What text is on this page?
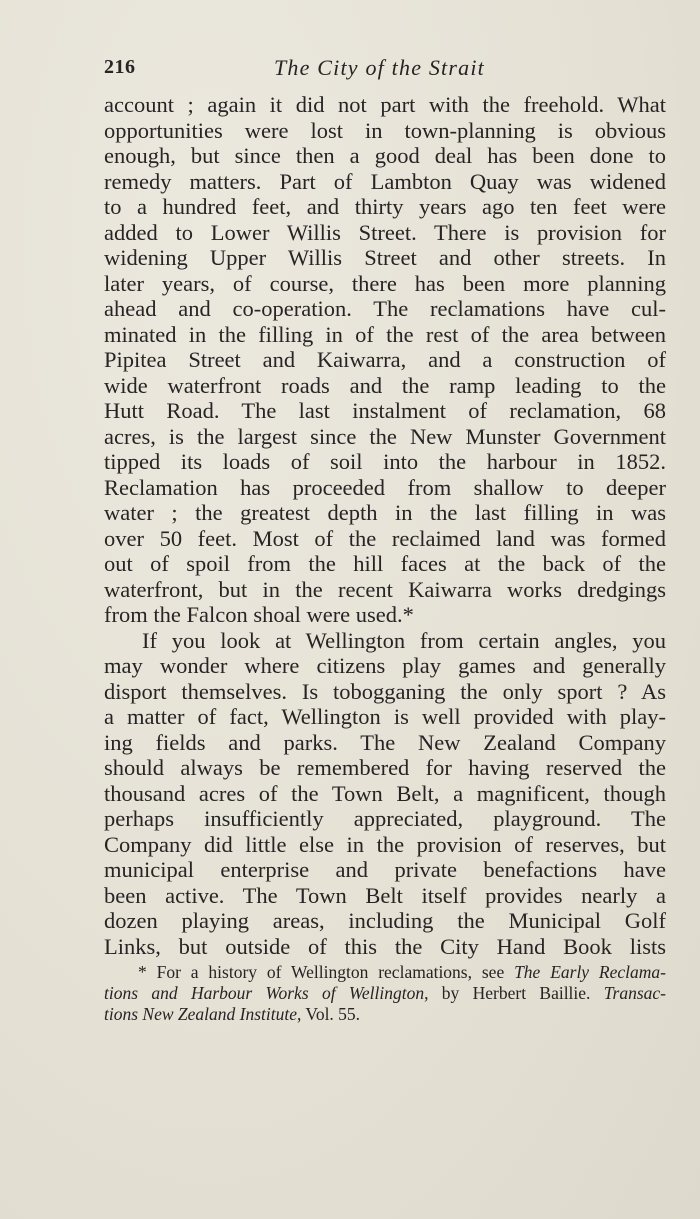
216	The City of the Strait
account ; again it did not part with the freehold. What
opportunities were lost in town-planning is obvious
enough, but since then a good deal has been done to
remedy matters. Part of Lambton Quay was widened
to a hundred feet, and thirty years ago ten feet were
added to Lower Willis Street. There is provision for
widening Upper Willis Street and other streets. In
later years, of course, there has been more planning
ahead and co-operation. The reclamations have cul-
minated in the filling in of the rest of the area between
Pipitea Street and Kaiwarra, and a construction of
wide waterfront roads and the ramp leading to the
Hutt Road. The last instalment of reclamation, 68
acres, is the largest since the New Munster Government
tipped its loads of soil into the harbour in 1852.
Reclamation has proceeded from shallow to deeper
water ; the greatest depth in the last filling in was
over 50 feet. Most of the reclaimed land was formed
out of spoil from the hill faces at the back of the
waterfront, but in the recent Kaiwarra works dredgings
from the Falcon shoal were used.*
If you look at Wellington from certain angles, you
may wonder where citizens play games and generally
disport themselves. Is tobogganing the only sport ? As
a matter of fact, Wellington is well provided with play-
ing fields and parks. The New Zealand Company
should always be remembered for having reserved the
thousand acres of the Town Belt, a magnificent, though
perhaps insufficiently appreciated, playground. The
Company did little else in the provision of reserves, but
municipal enterprise and private benefactions have
been active. The Town Belt itself provides nearly a
dozen playing areas, including the Municipal Golf
Links, but outside of this the City Hand Book lists
* For a history of Wellington reclamations, see The Early Reclama-
tions and Harbour Works of Wellington, by Herbert Baillie. Transac-
tions New Zealand Institute, Vol. 55.
